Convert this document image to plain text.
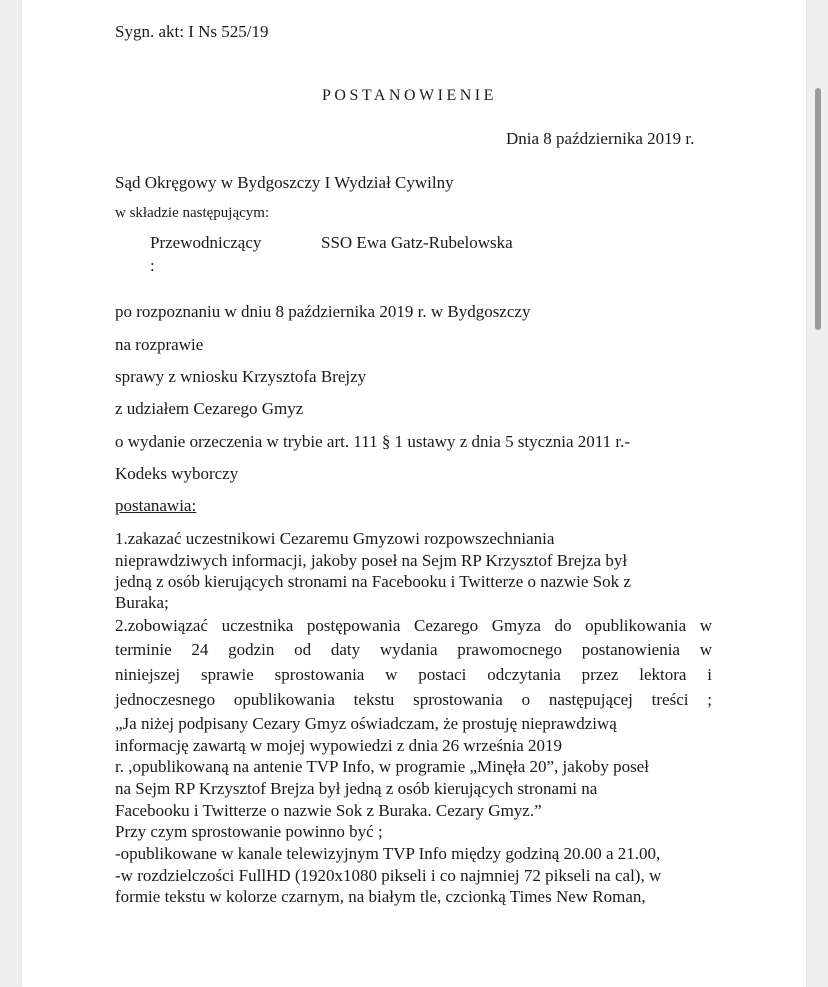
Sygn. akt: I Ns 525/19
POSTANOWIENIE
Dnia 8 października 2019 r.
Sąd Okręgowy w Bydgoszczy I Wydział Cywilny
w składzie następującym:
Przewodniczący
:
SSO Ewa Gatz-Rubelowska
po rozpoznaniu w dniu 8 października 2019 r. w Bydgoszczy
na rozprawie
sprawy z wniosku Krzysztofa Brejzy
z udziałem Cezarego Gmyz
o wydanie orzeczenia w trybie art. 111 § 1 ustawy z dnia 5 stycznia 2011 r.-
Kodeks wyborczy
postanawia:
1.zakazać uczestnikowi Cezaremu Gmyzowi rozpowszechniania
nieprawdziwych informacji, jakoby poseł na Sejm RP Krzysztof Brejza był
jedną z osób kierujących stronami na Facebooku i Twitterze o nazwie Sok z
Buraka;
2.zobowiązać uczestnika postępowania Cezarego Gmyza do opublikowania w
terminie 24 godzin od daty wydania prawomocnego postanowienia w
niniejszej sprawie sprostowania w postaci odczytania przez lektora i
jednoczesnego opublikowania tekstu sprostowania o następującej treści ;
„Ja niżej podpisany Cezary Gmyz oświadczam, że prostuję nieprawdziwą
informację zawartą w mojej wypowiedzi z dnia 26 września 2019
r. ,opublikowaną na antenie TVP Info, w programie „Minęła 20”, jakoby poseł
na Sejm RP Krzysztof Brejza był jedną z osób kierujących stronami na
Facebooku i Twitterze o nazwie Sok z Buraka. Cezary Gmyz.”
Przy czym sprostowanie powinno być ;
-opublikowane w kanale telewizyjnym TVP Info między godziną 20.00 a 21.00,
-w rozdzielczości FullHD (1920x1080 pikseli i co najmniej 72 pikseli na cal), w
formie tekstu w kolorze czarnym, na białym tle, czcionką Times New Roman,
